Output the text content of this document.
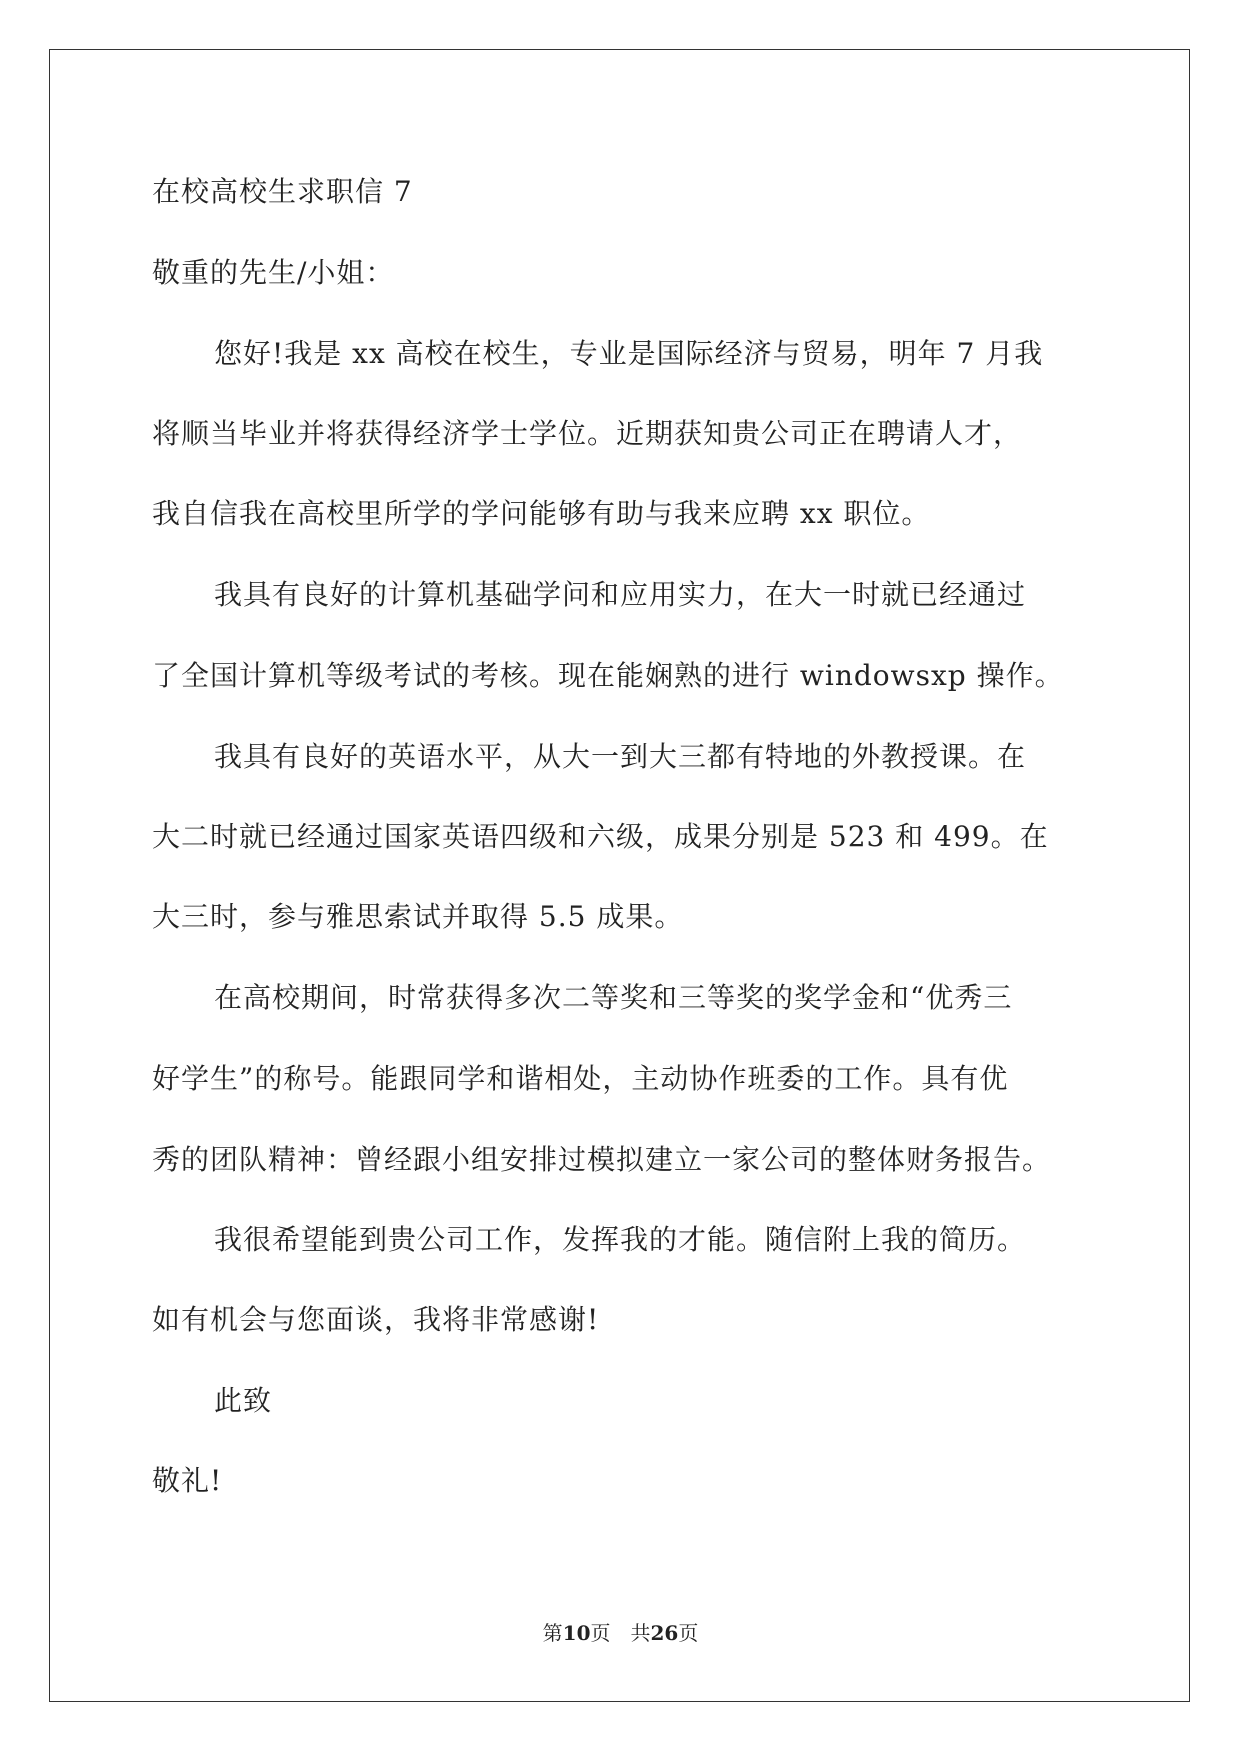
在校高校生求职信 7
敬重的先生/小姐：
您好!我是 xx 高校在校生，专业是国际经济与贸易，明年 7 月我
将顺当毕业并将获得经济学士学位。近期获知贵公司正在聘请人才，
我自信我在高校里所学的学问能够有助与我来应聘 xx 职位。
我具有良好的计算机基础学问和应用实力，在大一时就已经通过
了全国计算机等级考试的考核。现在能娴熟的进行 windowsxp 操作。
我具有良好的英语水平，从大一到大三都有特地的外教授课。在
大二时就已经通过国家英语四级和六级，成果分别是 523 和 499。在
大三时，参与雅思索试并取得 5.5 成果。
在高校期间，时常获得多次二等奖和三等奖的奖学金和“优秀三
好学生”的称号。能跟同学和谐相处，主动协作班委的工作。具有优
秀的团队精神：曾经跟小组安排过模拟建立一家公司的整体财务报告。
我很希望能到贵公司工作，发挥我的才能。随信附上我的简历。
如有机会与您面谈，我将非常感谢!
此致
敬礼!
第10页 共26页
